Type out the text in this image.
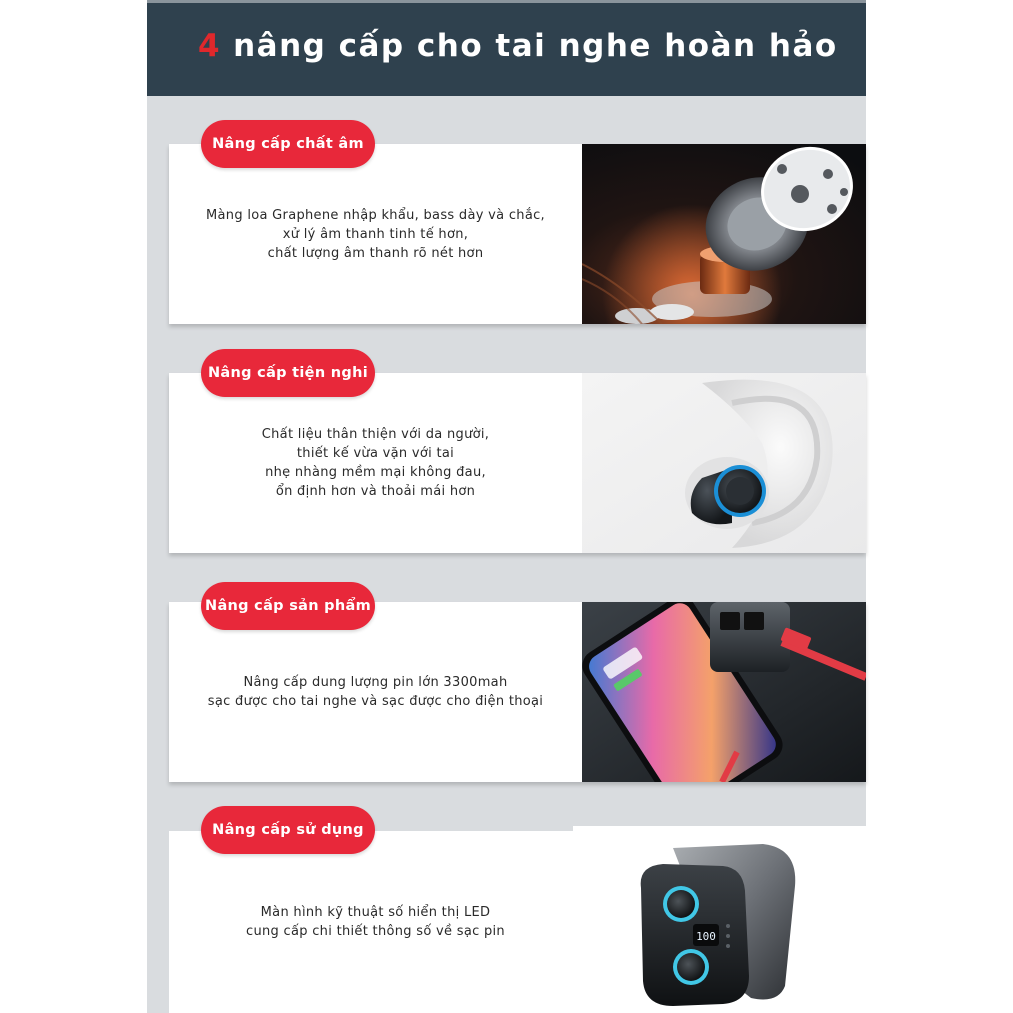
4 nâng cấp cho tai nghe hoàn hảo
Màng loa Graphene nhập khẩu, bass dày và chắc,
xử lý âm thanh tinh tế hơn,
chất lượng âm thanh rõ nét hơn
Nâng cấp chất âm
Chất liệu thân thiện với da người,
thiết kế vừa vặn với tai
nhẹ nhàng mềm mại không đau,
ổn định hơn và thoải mái hơn
Nâng cấp tiện nghi
Nâng cấp dung lượng pin lớn 3300mah
sạc được cho tai nghe và sạc được cho điện thoại
Nâng cấp sản phẩm
Màn hình kỹ thuật số hiển thị LED
cung cấp chi thiết thông số về sạc pin	100
Nâng cấp sử dụng
